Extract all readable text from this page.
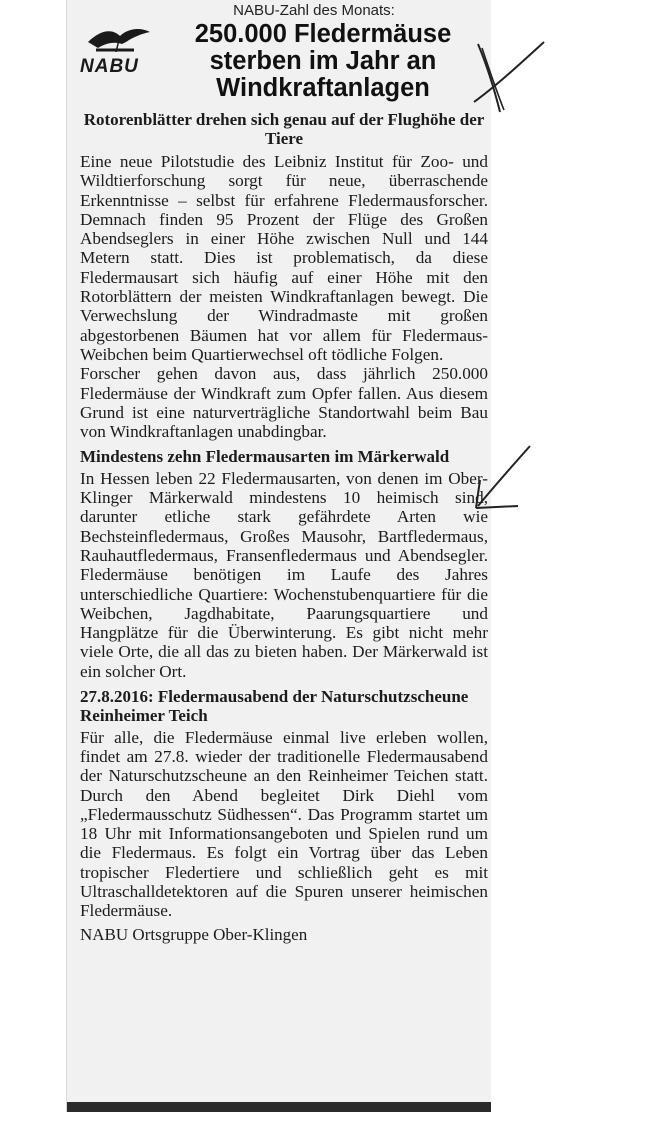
NABU-Zahl des Monats:
NABU
250.000 Fledermäuse
sterben im Jahr an
Windkraftanlagen
Rotorenblätter drehen sich genau auf der Flughöhe der Tiere

Eine neue Pilotstudie des Leibniz Institut für Zoo- und Wildtierforschung sorgt für neue, überraschende Erkenntnisse – selbst für erfahrene Fledermausforscher. Demnach finden 95 Prozent der Flüge des Großen Abendseglers in einer Höhe zwischen Null und 144 Metern statt. Dies ist problematisch, da diese Fledermausart sich häufig auf einer Höhe mit den Rotorblättern der meisten Windkraftanlagen bewegt. Die Verwechslung der Windradmaste mit großen abgestorbenen Bäumen hat vor allem für Fledermaus-Weibchen beim Quartierwechsel oft tödliche Folgen.

Forscher gehen davon aus, dass jährlich 250.000 Fledermäuse der Windkraft zum Opfer fallen. Aus diesem Grund ist eine naturverträgliche Standortwahl beim Bau von Windkraftanlagen unabdingbar.

Mindestens zehn Fledermausarten im Märkerwald

In Hessen leben 22 Fledermausarten, von denen im Ober-Klinger Märkerwald mindestens 10 heimisch sind, darunter etliche stark gefährdete Arten wie Bechsteinfledermaus, Großes Mausohr, Bartfledermaus, Rauhautfledermaus, Fransenfledermaus und Abendsegler. Fledermäuse benötigen im Laufe des Jahres unterschiedliche Quartiere: Wochenstubenquartiere für die Weibchen, Jagdhabitate, Paarungsquartiere und Hangplätze für die Überwinterung. Es gibt nicht mehr viele Orte, die all das zu bieten haben. Der Märkerwald ist ein solcher Ort.

27.8.2016: Fledermausabend der Naturschutzscheune Reinheimer Teich

Für alle, die Fledermäuse einmal live erleben wollen, findet am 27.8. wieder der traditionelle Fledermausabend der Naturschutzscheune an den Reinheimer Teichen statt. Durch den Abend begleitet Dirk Diehl vom „Fledermausschutz Südhessen“. Das Programm startet um 18 Uhr mit Informationsangeboten und Spielen rund um die Fledermaus. Es folgt ein Vortrag über das Leben tropischer Fledertiere und schließlich geht es mit Ultraschalldetektoren auf die Spuren unserer heimischen Fledermäuse.

NABU Ortsgruppe Ober-Klingen
